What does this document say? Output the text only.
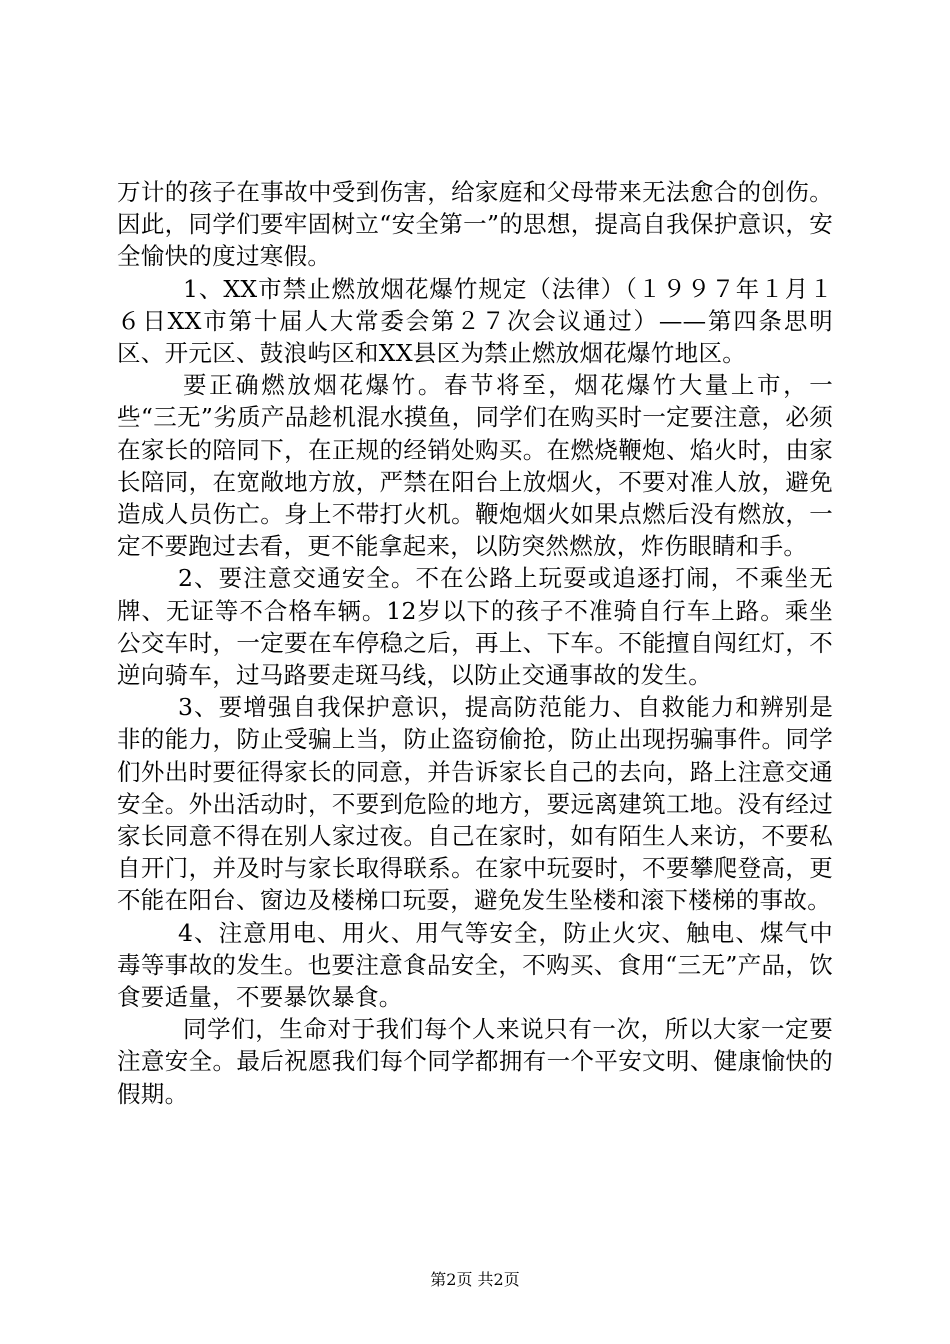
万计的孩子在事故中受到伤害，给家庭和父母带来无法愈合的创伤。因此，同学们要牢固树立“安全第一”的思想，提高自我保护意识，安全愉快的度过寒假。

1、XX市禁止燃放烟花爆竹规定（法律）（１９９７年１月１６日XX市第十届人大常委会第２７次会议通过）——第四条思明区、开元区、鼓浪屿区和XX县区为禁止燃放烟花爆竹地区。

要正确燃放烟花爆竹。春节将至，烟花爆竹大量上市，一些“三无”劣质产品趁机混水摸鱼，同学们在购买时一定要注意，必须在家长的陪同下，在正规的经销处购买。在燃烧鞭炮、焰火时，由家长陪同，在宽敞地方放，严禁在阳台上放烟火，不要对准人放，避免造成人员伤亡。身上不带打火机。鞭炮烟火如果点燃后没有燃放，一定不要跑过去看，更不能拿起来，以防突然燃放，炸伤眼睛和手。

2、要注意交通安全。不在公路上玩耍或追逐打闹，不乘坐无牌、无证等不合格车辆。12岁以下的孩子不准骑自行车上路。乘坐公交车时，一定要在车停稳之后，再上、下车。不能擅自闯红灯，不逆向骑车，过马路要走斑马线，以防止交通事故的发生。

3、要增强自我保护意识，提高防范能力、自救能力和辨别是非的能力，防止受骗上当，防止盗窃偷抢，防止出现拐骗事件。同学们外出时要征得家长的同意，并告诉家长自己的去向，路上注意交通安全。外出活动时，不要到危险的地方，要远离建筑工地。没有经过家长同意不得在别人家过夜。自己在家时，如有陌生人来访，不要私自开门，并及时与家长取得联系。在家中玩耍时，不要攀爬登高，更不能在阳台、窗边及楼梯口玩耍，避免发生坠楼和滚下楼梯的事故。

4、注意用电、用火、用气等安全，防止火灾、触电、煤气中毒等事故的发生。也要注意食品安全，不购买、食用“三无”产品，饮食要适量，不要暴饮暴食。

同学们，生命对于我们每个人来说只有一次，所以大家一定要注意安全。最后祝愿我们每个同学都拥有一个平安文明、健康愉快的假期。

第2页 共2页
